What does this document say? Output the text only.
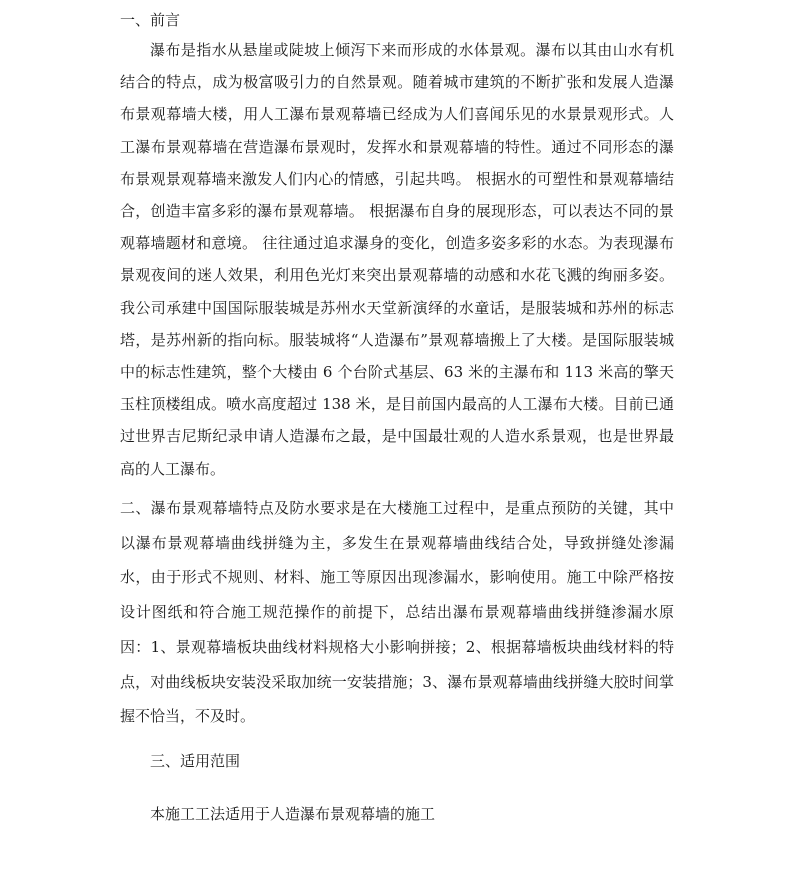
一、前言

瀑布是指水从悬崖或陡坡上倾泻下来而形成的水体景观。瀑布以其由山水有机结合的特点，成为极富吸引力的自然景观。随着城市建筑的不断扩张和发展人造瀑布景观幕墙大楼，用人工瀑布景观幕墙已经成为人们喜闻乐见的水景景观形式。人工瀑布景观幕墙在营造瀑布景观时，发挥水和景观幕墙的特性。通过不同形态的瀑布景观景观幕墙来激发人们内心的情感，引起共鸣。 根据水的可塑性和景观幕墙结合，创造丰富多彩的瀑布景观幕墙。 根据瀑布自身的展现形态，可以表达不同的景观幕墙题材和意境。 往往通过追求瀑身的变化，创造多姿多彩的水态。为表现瀑布景观夜间的迷人效果，利用色光灯来突出景观幕墙的动感和水花飞溅的绚丽多姿。我公司承建中国国际服装城是苏州水天堂新演绎的水童话，是服装城和苏州的标志塔，是苏州新的指向标。服装城将“人造瀑布”景观幕墙搬上了大楼。是国际服装城中的标志性建筑，整个大楼由 6 个台阶式基层、63 米的主瀑布和 113 米高的擎天玉柱顶楼组成。喷水高度超过 138 米，是目前国内最高的人工瀑布大楼。目前已通过世界吉尼斯纪录申请人造瀑布之最，是中国最壮观的人造水系景观，也是世界最高的人工瀑布。

二、瀑布景观幕墙特点及防水要求是在大楼施工过程中，是重点预防的关键，其中以瀑布景观幕墙曲线拼缝为主，多发生在景观幕墙曲线结合处，导致拼缝处渗漏水，由于形式不规则、材料、施工等原因出现渗漏水，影响使用。施工中除严格按设计图纸和符合施工规范操作的前提下，总结出瀑布景观幕墙曲线拼缝渗漏水原因：1、景观幕墙板块曲线材料规格大小影响拼接；2、根据幕墙板块曲线材料的特点，对曲线板块安装没采取加统一安装措施；3、瀑布景观幕墙曲线拼缝大胶时间掌握不恰当，不及时。

三、适用范围
本施工工法适用于人造瀑布景观幕墙的施工
